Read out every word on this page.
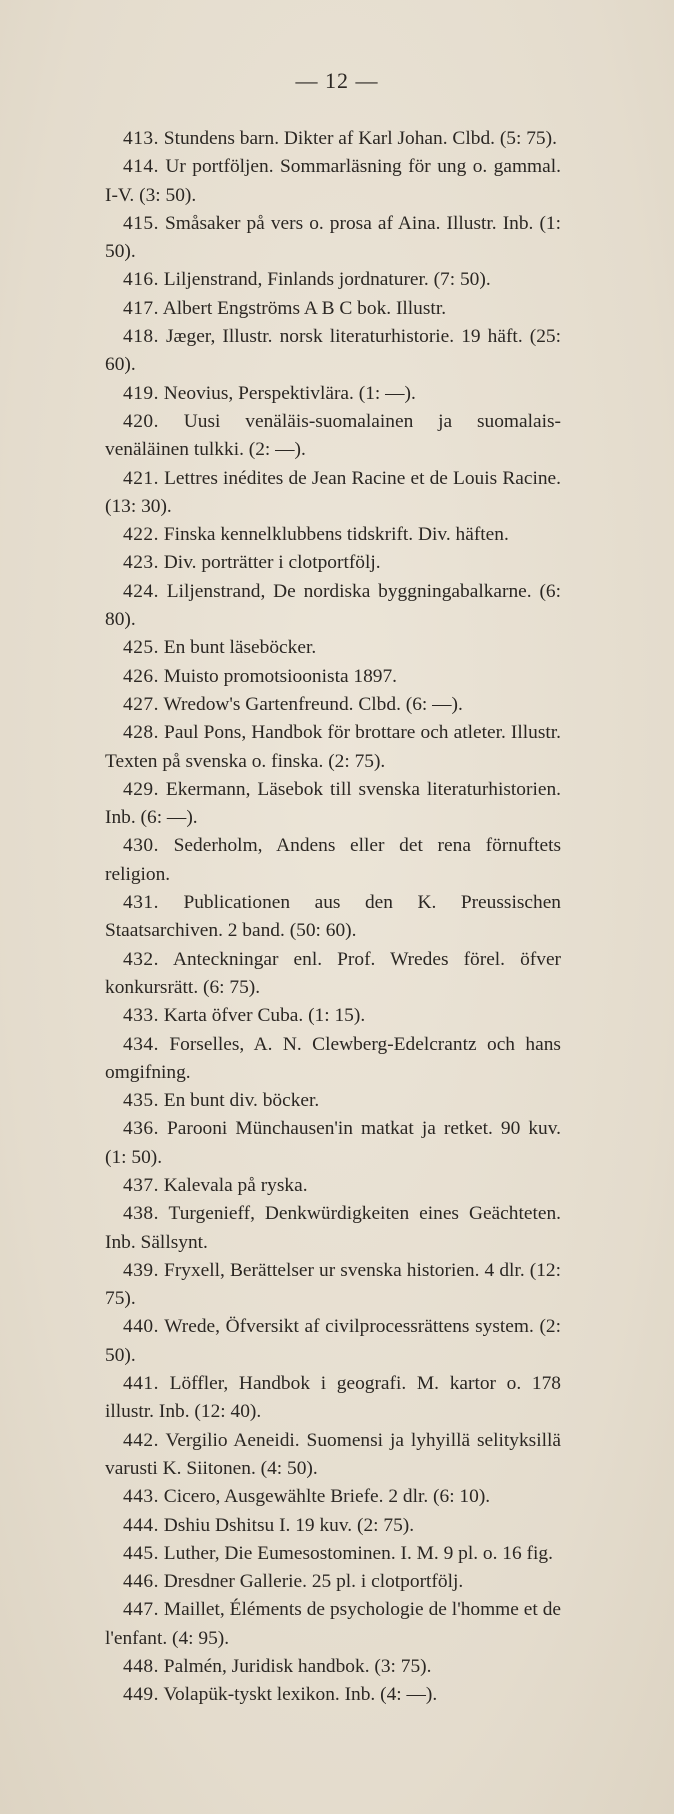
— 12 —

413. Stundens barn. Dikter af Karl Johan. Clbd. (5: 75).

414. Ur portföljen. Sommarläsning för ung o. gammal. I-V. (3: 50).

415. Småsaker på vers o. prosa af Aina. Illustr. Inb. (1: 50).

416. Liljenstrand, Finlands jordnaturer. (7: 50).

417. Albert Engströms A B C bok. Illustr.

418. Jæger, Illustr. norsk literaturhistorie. 19 häft. (25: 60).

419. Neovius, Perspektivlära. (1: —).

420. Uusi venäläis-suomalainen ja suomalais-venäläinen tulkki. (2: —).

421. Lettres inédites de Jean Racine et de Louis Racine. (13: 30).

422. Finska kennelklubbens tidskrift. Div. häften.

423. Div. porträtter i clotportfölj.

424. Liljenstrand, De nordiska byggningabalkarne. (6: 80).

425. En bunt läseböcker.

426. Muisto promotsioonista 1897.

427. Wredow's Gartenfreund. Clbd. (6: —).

428. Paul Pons, Handbok för brottare och atleter. Illustr. Texten på svenska o. finska. (2: 75).

429. Ekermann, Läsebok till svenska literaturhistorien. Inb. (6: —).

430. Sederholm, Andens eller det rena förnuftets religion.

431. Publicationen aus den K. Preussischen Staatsarchiven. 2 band. (50: 60).

432. Anteckningar enl. Prof. Wredes förel. öfver konkursrätt. (6: 75).

433. Karta öfver Cuba. (1: 15).

434. Forselles, A. N. Clewberg-Edelcrantz och hans omgifning.

435. En bunt div. böcker.

436. Parooni Münchausen'in matkat ja retket. 90 kuv. (1: 50).

437. Kalevala på ryska.

438. Turgenieff, Denkwürdigkeiten eines Geächteten. Inb. Sällsynt.

439. Fryxell, Berättelser ur svenska historien. 4 dlr. (12: 75).

440. Wrede, Öfversikt af civilprocessrättens system. (2: 50).

441. Löffler, Handbok i geografi. M. kartor o. 178 illustr. Inb. (12: 40).

442. Vergilio Aeneidi. Suomensi ja lyhyillä selityksillä varusti K. Siitonen. (4: 50).

443. Cicero, Ausgewählte Briefe. 2 dlr. (6: 10).

444. Dshiu Dshitsu I. 19 kuv. (2: 75).

445. Luther, Die Eumesostominen. I. M. 9 pl. o. 16 fig.

446. Dresdner Gallerie. 25 pl. i clotportfölj.

447. Maillet, Éléments de psychologie de l'homme et de l'enfant. (4: 95).

448. Palmén, Juridisk handbok. (3: 75).

449. Volapük-tyskt lexikon. Inb. (4: —).
